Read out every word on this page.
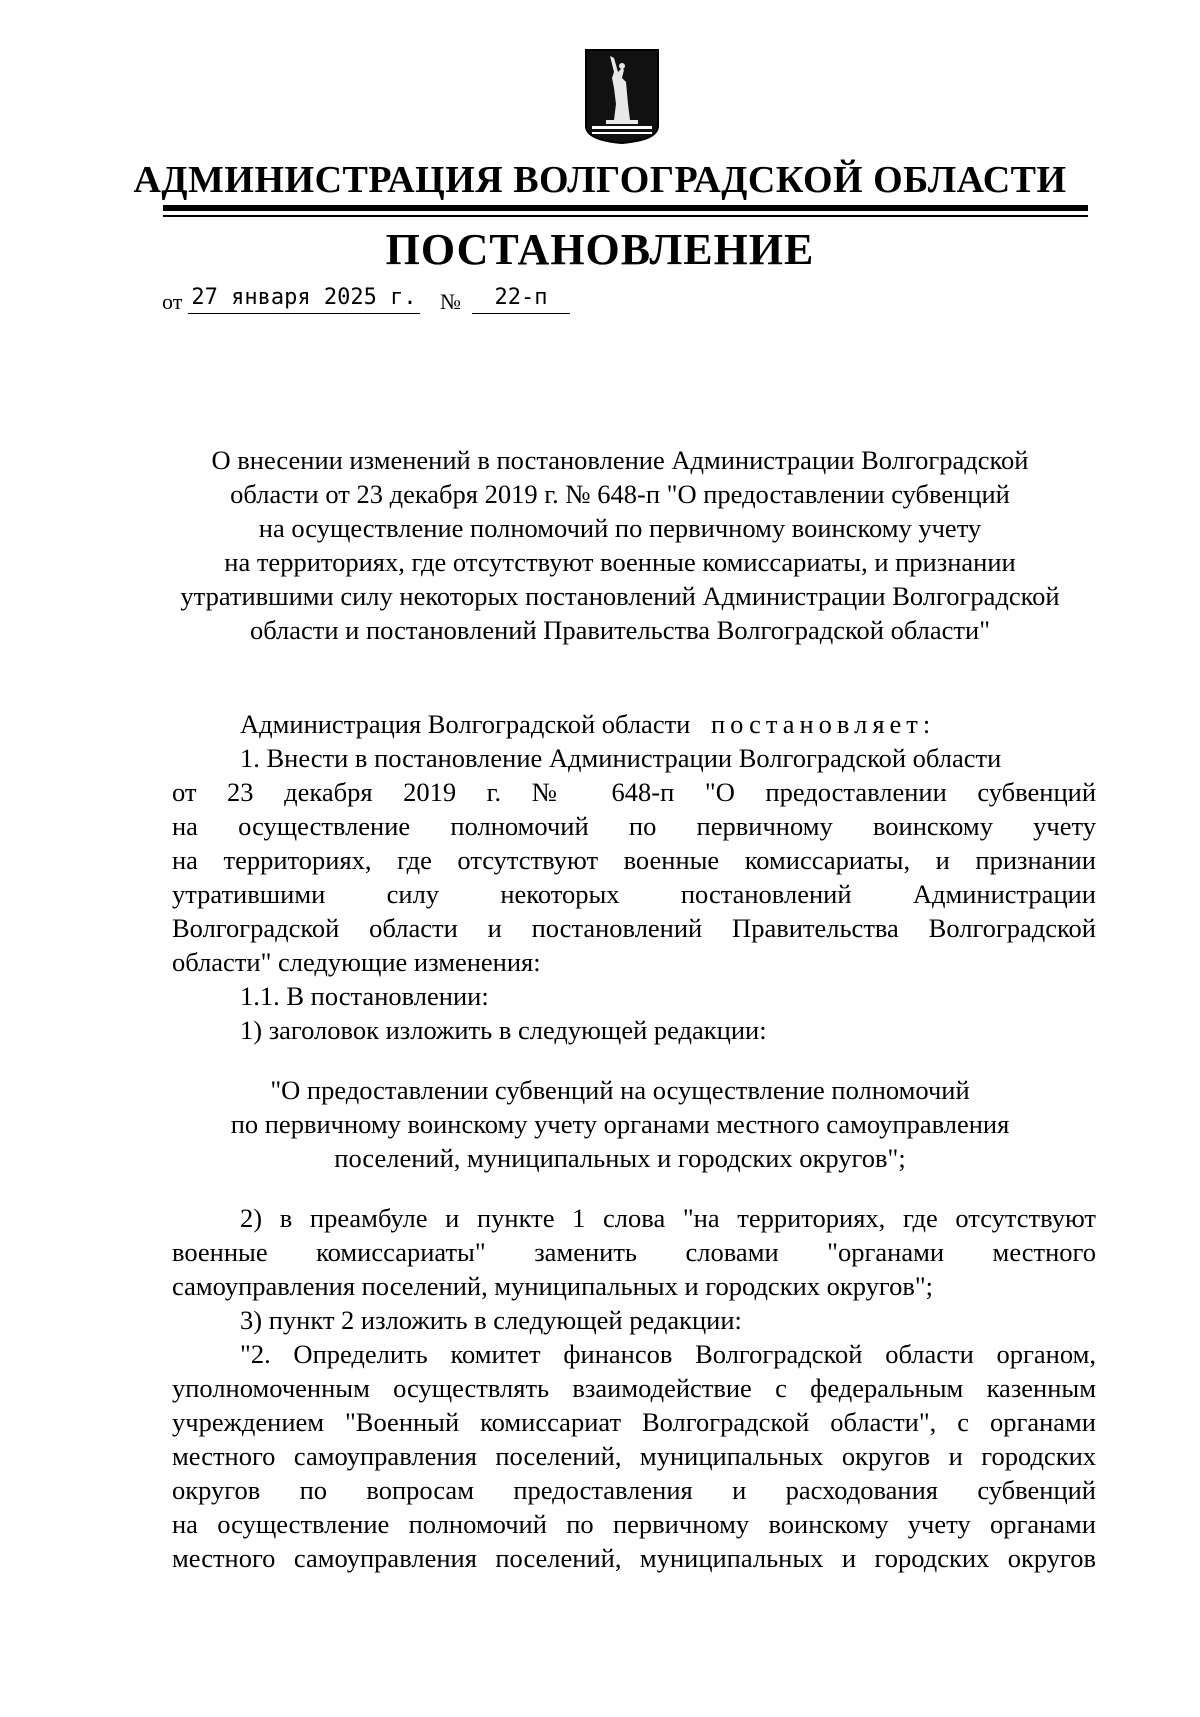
АДМИНИСТРАЦИЯ ВОЛГОГРАДСКОЙ ОБЛАСТИ
ПОСТАНОВЛЕНИЕ
от 27 января 2025 г. №	22-п
О внесении изменений в постановление Администрации Волгоградской
области от 23 декабря 2019 г. № 648-п "О предоставлении субвенций
на осуществление полномочий по первичному воинскому учету
на территориях, где отсутствуют военные комиссариаты, и признании
утратившими силу некоторых постановлений Администрации Волгоградской
области и постановлений Правительства Волгоградской области"
Администрация Волгоградской области постановляет:
1. Внести в постановление Администрации Волгоградской области
от 23 декабря 2019 г. № 648-п "О предоставлении субвенций
на осуществление полномочий по первичному воинскому учету
на территориях, где отсутствуют военные комиссариаты, и признании
утратившими силу некоторых постановлений Администрации
Волгоградской области и постановлений Правительства Волгоградской
области" следующие изменения:
1.1. В постановлении:
1) заголовок изложить в следующей редакции:
"О предоставлении субвенций на осуществление полномочий
по первичному воинскому учету органами местного самоуправления
поселений, муниципальных и городских округов";
2) в преамбуле и пункте 1 слова "на территориях, где отсутствуют
военные комиссариаты" заменить словами "органами местного
самоуправления поселений, муниципальных и городских округов";
3) пункт 2 изложить в следующей редакции:
"2. Определить комитет финансов Волгоградской области органом,
уполномоченным осуществлять взаимодействие с федеральным казенным
учреждением "Военный комиссариат Волгоградской области", с органами
местного самоуправления поселений, муниципальных округов и городских
округов по вопросам предоставления и расходования субвенций
на осуществление полномочий по первичному воинскому учету органами
местного самоуправления поселений, муниципальных и городских округов
